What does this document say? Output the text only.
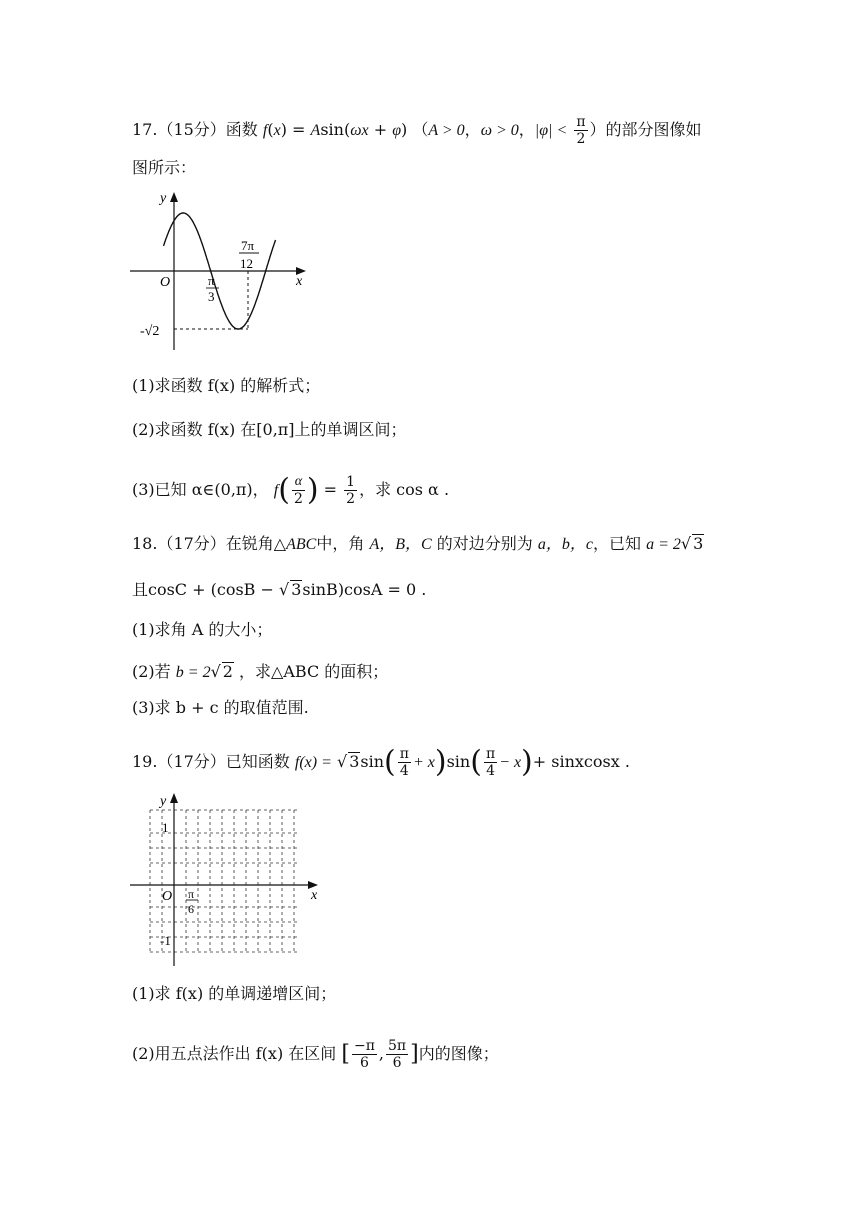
17.（15分）函数 f(x) = Asin(ωx + φ) （A > 0，ω > 0，$|\varphi| < \frac{\pi}{2}$ ）的部分图像如
图所示：
y
x
O	π
3
7π
12
-√2
(1)求函数 f(x) 的解析式；
(2)求函数 f(x) 在[0,π]上的单调区间；
(3)已知 α∈(0,π)， $f( \frac{\alpha}{2}$ ) = $\frac{1}{2}$ ，求 cos α .
18.（17分）在锐角△ABC中，角 A，B，C 的对边分别为 a，b，c，已知 a = 2√ 3
且cosC + (cosB − √ 3sinB)cosA = 0 .
(1)求角 A 的大小；
(2)若 b = 2√ 2 ，求△ABC 的面积；
(3)求 b + c 的取值范围.
19.（17分）已知函数 f(x) = √ $3\sin( \frac{\pi}{4} + x)\sin( \frac{\pi}{4} - x)+$ sinxcosx .
y
x
1
O π
6
-1
(1)求 f(x) 的单调递增区间；
(2)用五点法作出 f(x) 在区间 [ $\frac{-\pi}{6}$ , $\frac{5\pi}{6}$ ]内的图像；
